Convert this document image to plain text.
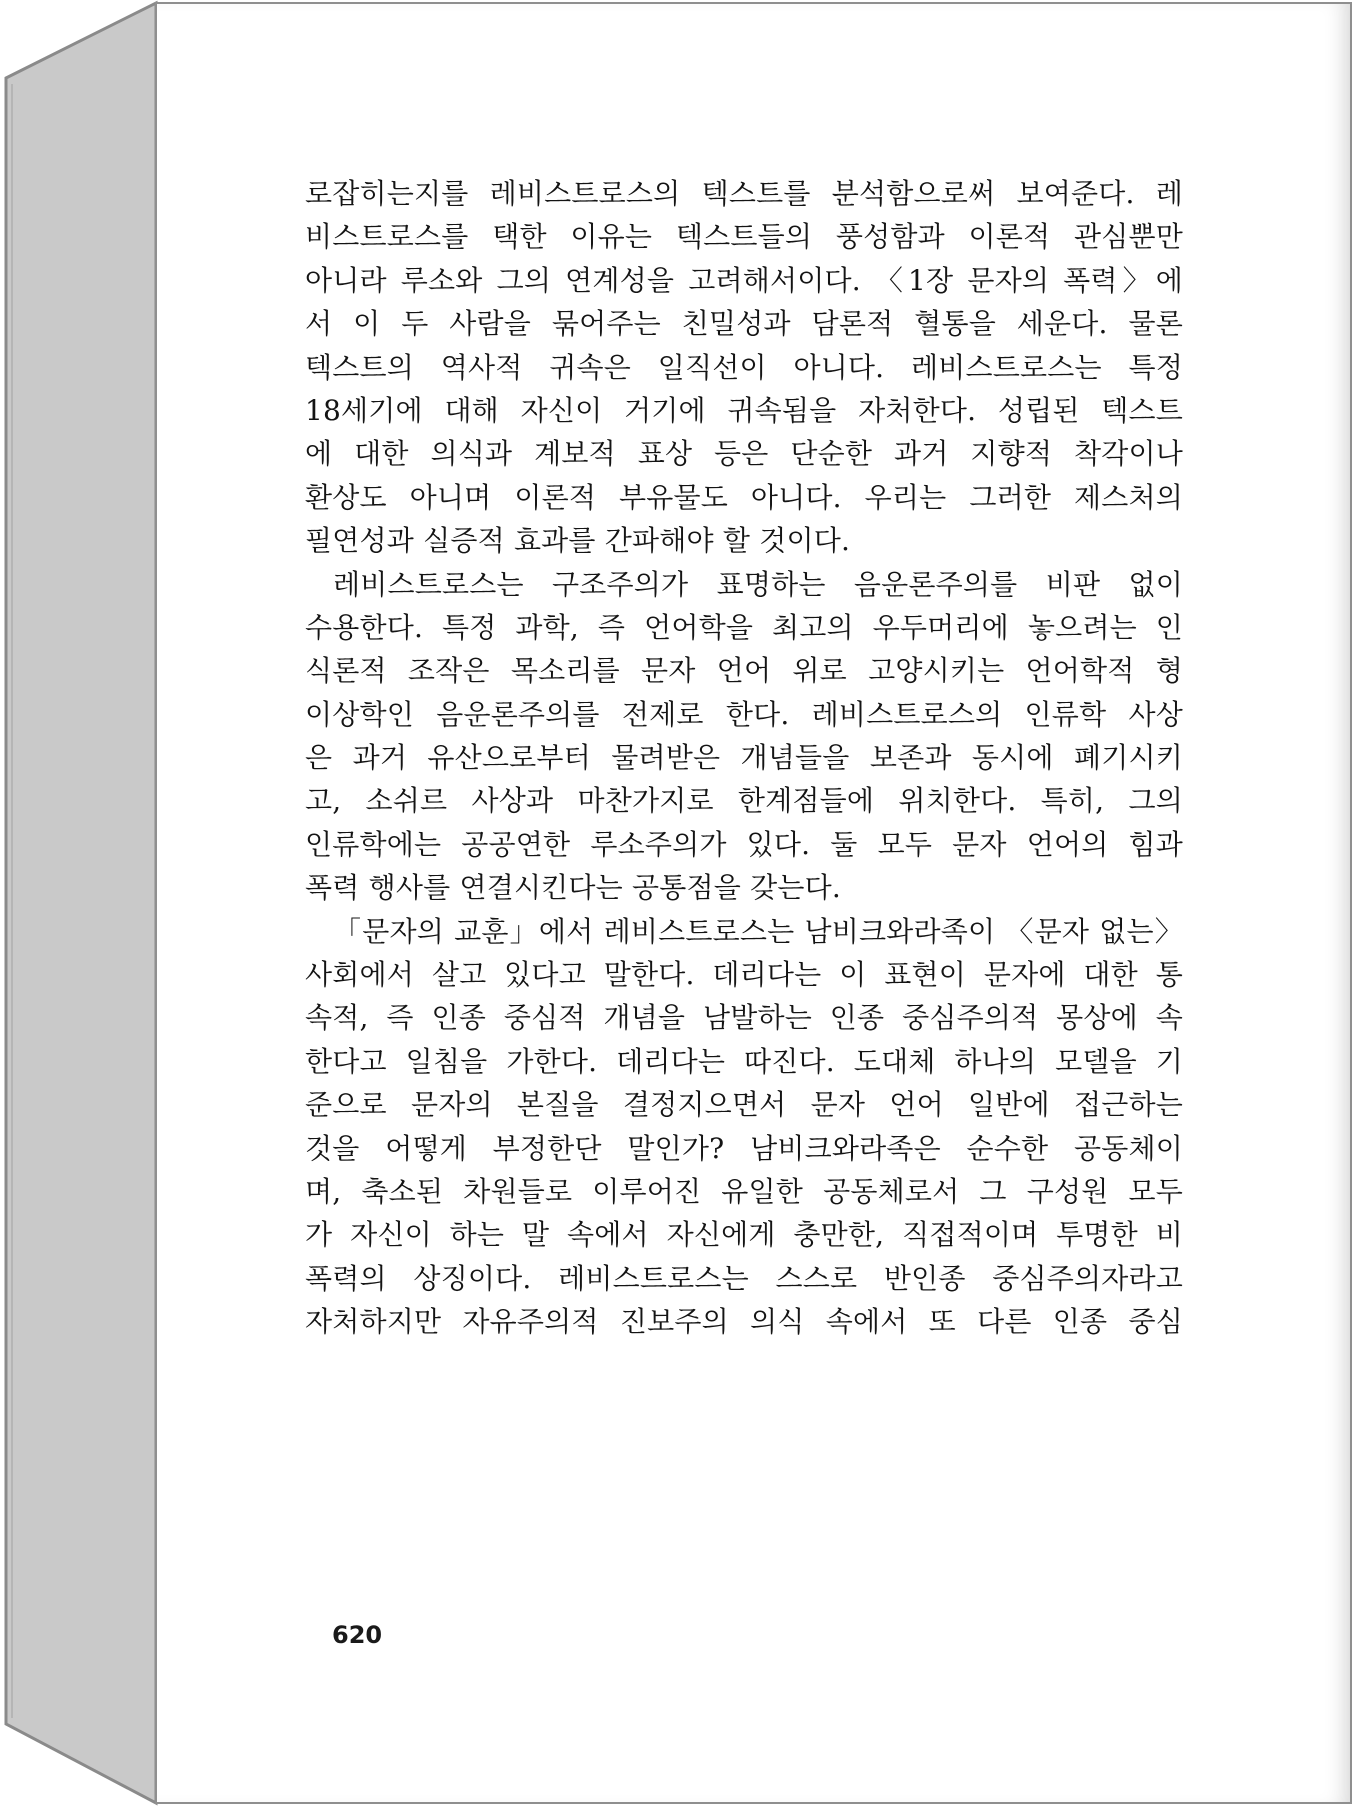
로잡히는지를 레비스트로스의 텍스트를 분석함으로써 보여준다. 레
비스트로스를 택한 이유는 텍스트들의 풍성함과 이론적 관심뿐만
아니라 루소와 그의 연계성을 고려해서이다. 〈1장 문자의 폭력〉에
서 이 두 사람을 묶어주는 친밀성과 담론적 혈통을 세운다. 물론
텍스트의 역사적 귀속은 일직선이 아니다. 레비스트로스는 특정
18세기에 대해 자신이 거기에 귀속됨을 자처한다. 성립된 텍스트
에 대한 의식과 계보적 표상 등은 단순한 과거 지향적 착각이나
환상도 아니며 이론적 부유물도 아니다. 우리는 그러한 제스처의
필연성과 실증적 효과를 간파해야 할 것이다.
레비스트로스는 구조주의가 표명하는 음운론주의를 비판 없이
수용한다. 특정 과학, 즉 언어학을 최고의 우두머리에 놓으려는 인
식론적 조작은 목소리를 문자 언어 위로 고양시키는 언어학적 형
이상학인 음운론주의를 전제로 한다. 레비스트로스의 인류학 사상
은 과거 유산으로부터 물려받은 개념들을 보존과 동시에 폐기시키
고, 소쉬르 사상과 마찬가지로 한계점들에 위치한다. 특히, 그의
인류학에는 공공연한 루소주의가 있다. 둘 모두 문자 언어의 힘과
폭력 행사를 연결시킨다는 공통점을 갖는다.
「문자의 교훈」에서 레비스트로스는 남비크와라족이 〈문자 없는〉
사회에서 살고 있다고 말한다. 데리다는 이 표현이 문자에 대한 통
속적, 즉 인종 중심적 개념을 남발하는 인종 중심주의적 몽상에 속
한다고 일침을 가한다. 데리다는 따진다. 도대체 하나의 모델을 기
준으로 문자의 본질을 결정지으면서 문자 언어 일반에 접근하는
것을 어떻게 부정한단 말인가? 남비크와라족은 순수한 공동체이
며, 축소된 차원들로 이루어진 유일한 공동체로서 그 구성원 모두
가 자신이 하는 말 속에서 자신에게 충만한, 직접적이며 투명한 비
폭력의 상징이다. 레비스트로스는 스스로 반인종 중심주의자라고
자처하지만 자유주의적 진보주의 의식 속에서 또 다른 인종 중심
620
